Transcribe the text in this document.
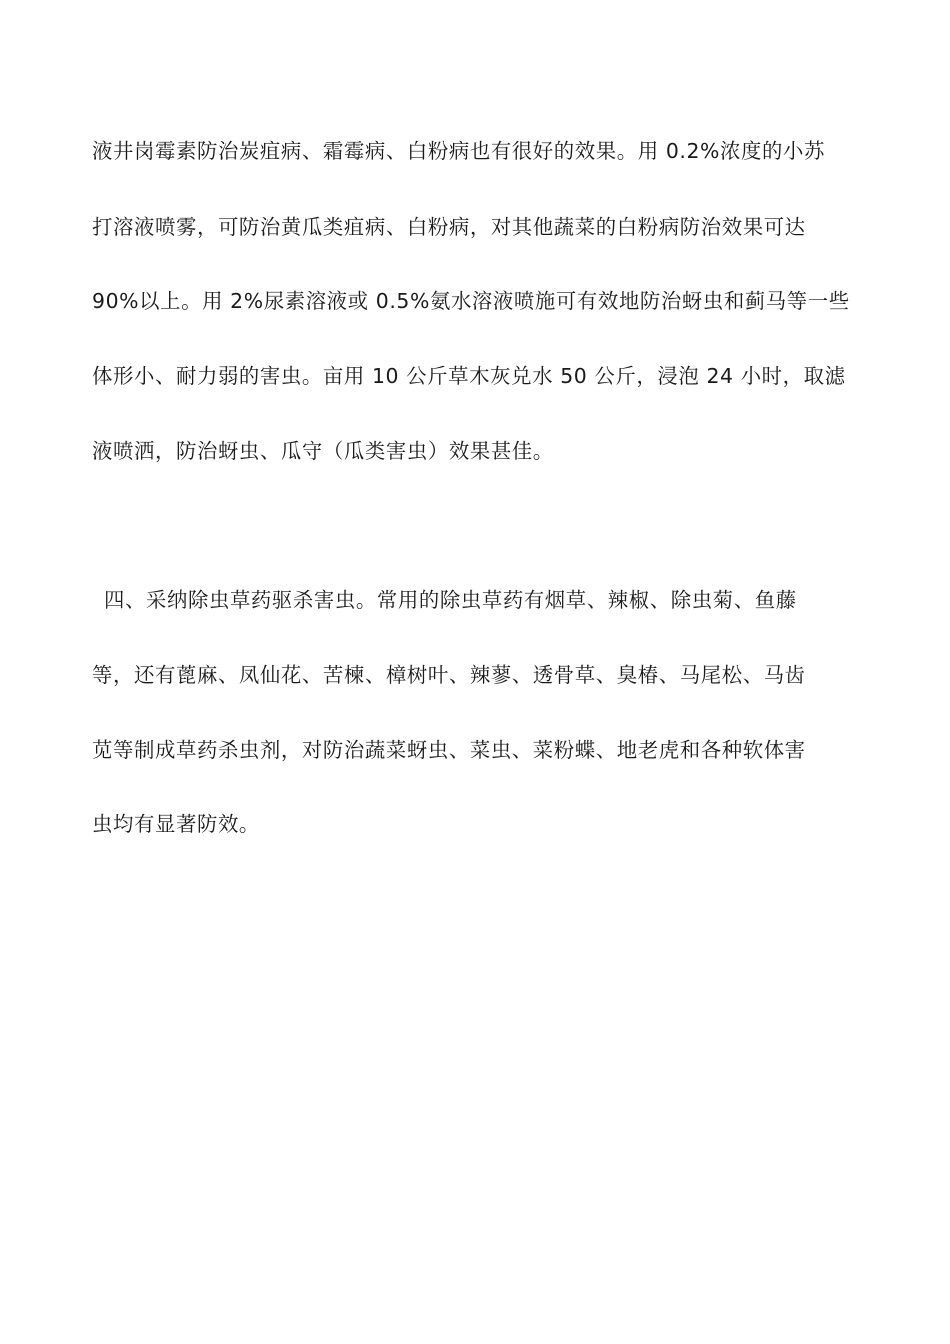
液井岗霉素防治炭疽病、霜霉病、白粉病也有很好的效果。用 0.2%浓度的小苏
打溶液喷雾，可防治黄瓜类疽病、白粉病，对其他蔬菜的白粉病防治效果可达
90%以上。用 2%尿素溶液或 0.5%氨水溶液喷施可有效地防治蚜虫和蓟马等一些
体形小、耐力弱的害虫。亩用 10 公斤草木灰兑水 50 公斤，浸泡 24 小时，取滤
液喷洒，防治蚜虫、瓜守（瓜类害虫）效果甚佳。
四、采纳除虫草药驱杀害虫。常用的除虫草药有烟草、辣椒、除虫菊、鱼藤
等，还有蓖麻、凤仙花、苦楝、樟树叶、辣蓼、透骨草、臭椿、马尾松、马齿
苋等制成草药杀虫剂，对防治蔬菜蚜虫、菜虫、菜粉蝶、地老虎和各种软体害
虫均有显著防效。
